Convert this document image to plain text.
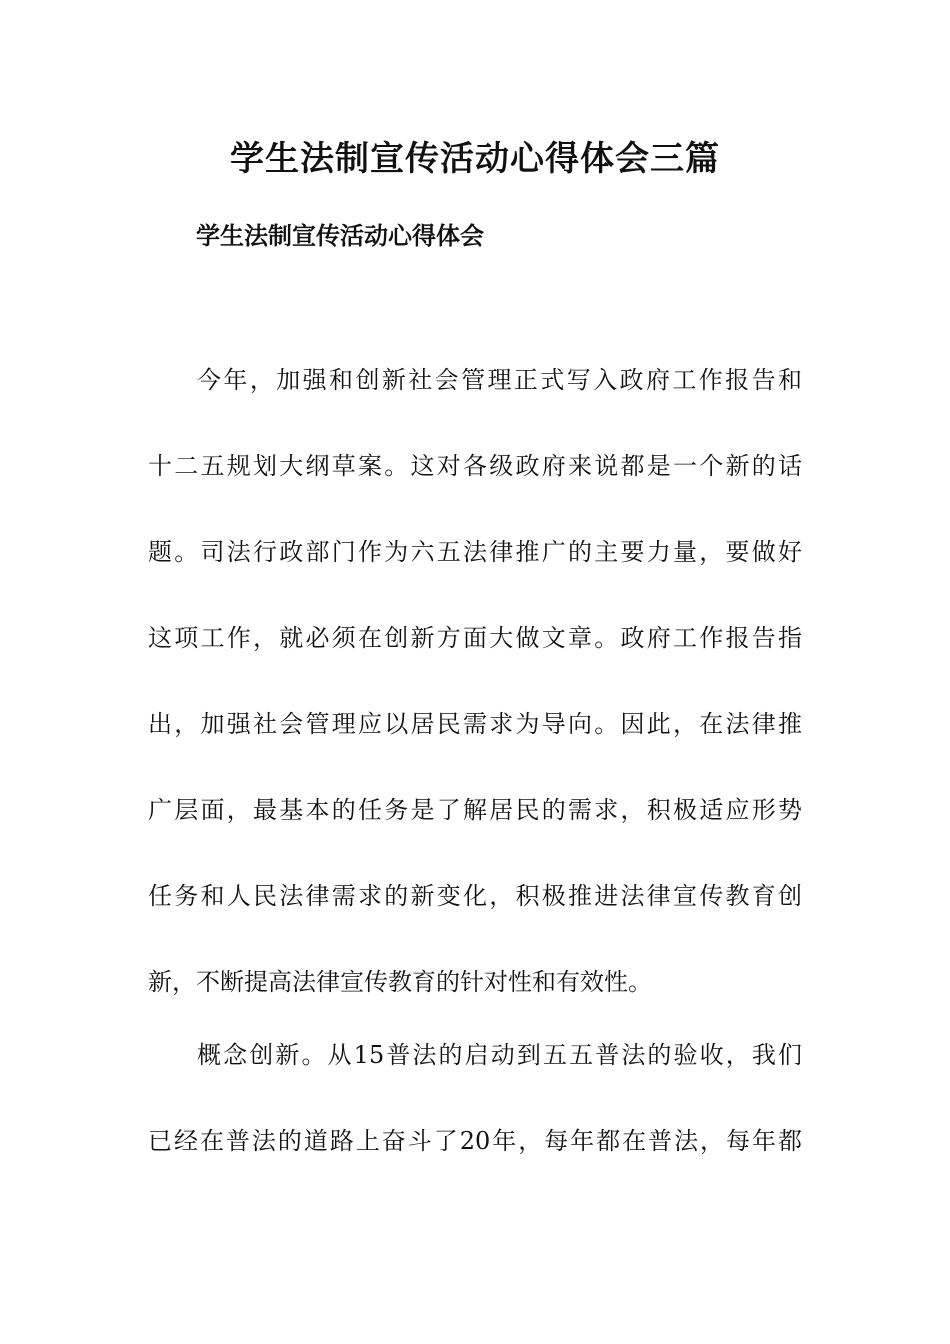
学生法制宣传活动心得体会三篇
学生法制宣传活动心得体会
今年，加强和创新社会管理正式写入政府工作报告和
十二五规划大纲草案。这对各级政府来说都是一个新的话
题。司法行政部门作为六五法律推广的主要力量，要做好
这项工作，就必须在创新方面大做文章。政府工作报告指
出，加强社会管理应以居民需求为导向。因此，在法律推
广层面，最基本的任务是了解居民的需求，积极适应形势
任务和人民法律需求的新变化，积极推进法律宣传教育创
新，不断提高法律宣传教育的针对性和有效性。
概念创新。从15普法的启动到五五普法的验收，我们
已经在普法的道路上奋斗了20年，每年都在普法，每年都
